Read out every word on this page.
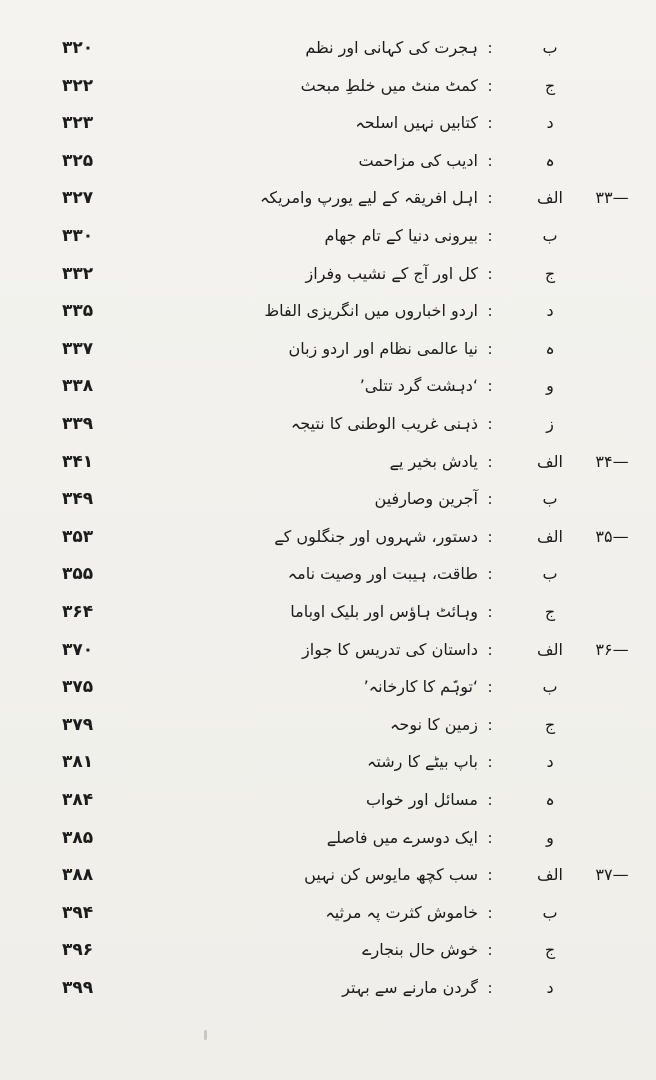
۳۲۰	ہجرت کی کہانی اور نظم :	ب
۳۲۲	کمٹ منٹ میں خلطِ مبحث :	ج
۳۲۳	کتابیں نہیں اسلحہ :	د
۳۲۵	ادیب کی مزاحمت :	ہ
۳۲۷	اہل افریقہ کے لیے یورپ وامریکہ :	الف	۳۳—
۳۳۰	بیرونی دنیا کے تام جھام :	ب
۳۳۲	کل اور آج کے نشیب وفراز :	ج
۳۳۵	اردو اخباروں میں انگریزی الفاظ :	د
۳۳۷	نیا عالمی نظام اور اردو زبان :	ہ
۳۳۸	‘دہشت گرد تتلی’ :	و
۳۳۹	ذہنی غریب الوطنی کا نتیجہ :	ز
۳۴۱	یادش بخیر یے :	الف	۳۴—
۳۴۹	آجرین وصارفین :	ب
۳۵۳	دستور، شہروں اور جنگلوں کے :	الف	۳۵—
۳۵۵	طاقت، ہیبت اور وصیت نامہ :	ب
۳۶۴	وہائٹ ہاؤس اور بلیک اوباما :	ج
۳۷۰	داستان کی تدریس کا جواز :	الف	۳۶—
۳۷۵	‘توہّم کا کارخانہ’ :	ب
۳۷۹	زمین کا نوحہ :	ج
۳۸۱	باپ بیٹے کا رشتہ :	د
۳۸۴	مسائل اور خواب :	ہ
۳۸۵	ایک دوسرے میں فاصلے :	و
۳۸۸	سب کچھ مایوس کن نہیں :	الف	۳۷—
۳۹۴	خاموش کثرت پہ مرثیہ :	ب
۳۹۶	خوش حال بنجارے :	ج
۳۹۹	گردن مارنے سے بہتر :	د
